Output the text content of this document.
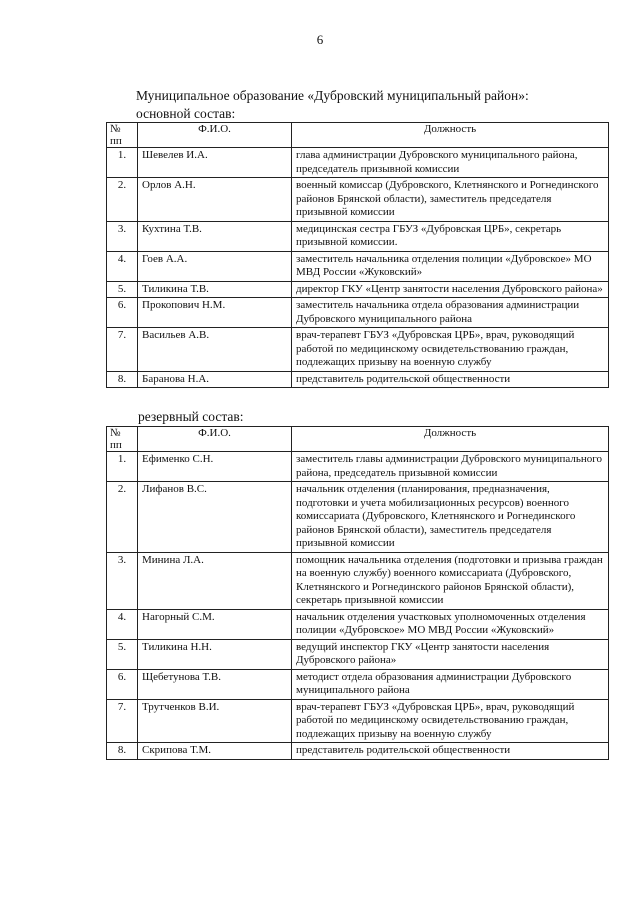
6
Муниципальное образование «Дубровский муниципальный район»:
основной состав:
№ пп	Ф.И.О.	Должность
1.	Шевелев И.А.	глава администрации Дубровского муниципального района, председатель призывной комиссии
2.	Орлов А.Н.	военный комиссар (Дубровского, Клетнянского и Рогнединского районов Брянской области), заместитель председателя призывной комиссии
3.	Кухтина Т.В.	медицинская сестра ГБУЗ «Дубровская ЦРБ», секретарь призывной комиссии.
4.	Гоев А.А.	заместитель начальника отделения полиции «Дубровское» МО МВД России «Жуковский»
5.	Тиликина Т.В.	директор ГКУ «Центр занятости населения Дубровского района»
6.	Прокопович Н.М.	заместитель начальника отдела образования администрации Дубровского муниципального района
7.	Васильев А.В.	врач-терапевт ГБУЗ «Дубровская ЦРБ», врач, руководящий работой по медицинскому освидетельствованию граждан, подлежащих призыву на военную службу
8.	Баранова Н.А.	представитель родительской общественности
резервный состав:
№ пп	Ф.И.О.	Должность
1.	Ефименко С.Н.	заместитель главы администрации Дубровского муниципального района, председатель призывной комиссии
2.	Лифанов В.С.	начальник отделения (планирования, предназначения, подготовки и учета мобилизационных ресурсов) военного комиссариата (Дубровского, Клетнянского и Рогнединского районов Брянской области), заместитель председателя призывной комиссии
3.	Минина Л.А.	помощник начальника отделения (подготовки и призыва граждан на военную службу) военного комиссариата (Дубровского, Клетнянского и Рогнединского районов Брянской области), секретарь призывной комиссии
4.	Нагорный С.М.	начальник отделения участковых уполномоченных отделения полиции «Дубровское» МО МВД России «Жуковский»
5.	Тиликина Н.Н.	ведущий инспектор ГКУ «Центр занятости населения Дубровского района»
6.	Щебетунова Т.В.	методист отдела образования администрации Дубровского муниципального района
7.	Трутченков В.И.	врач-терапевт ГБУЗ «Дубровская ЦРБ», врач, руководящий работой по медицинскому освидетельствованию граждан, подлежащих призыву на военную службу
8.	Скрипова Т.М.	представитель родительской общественности
